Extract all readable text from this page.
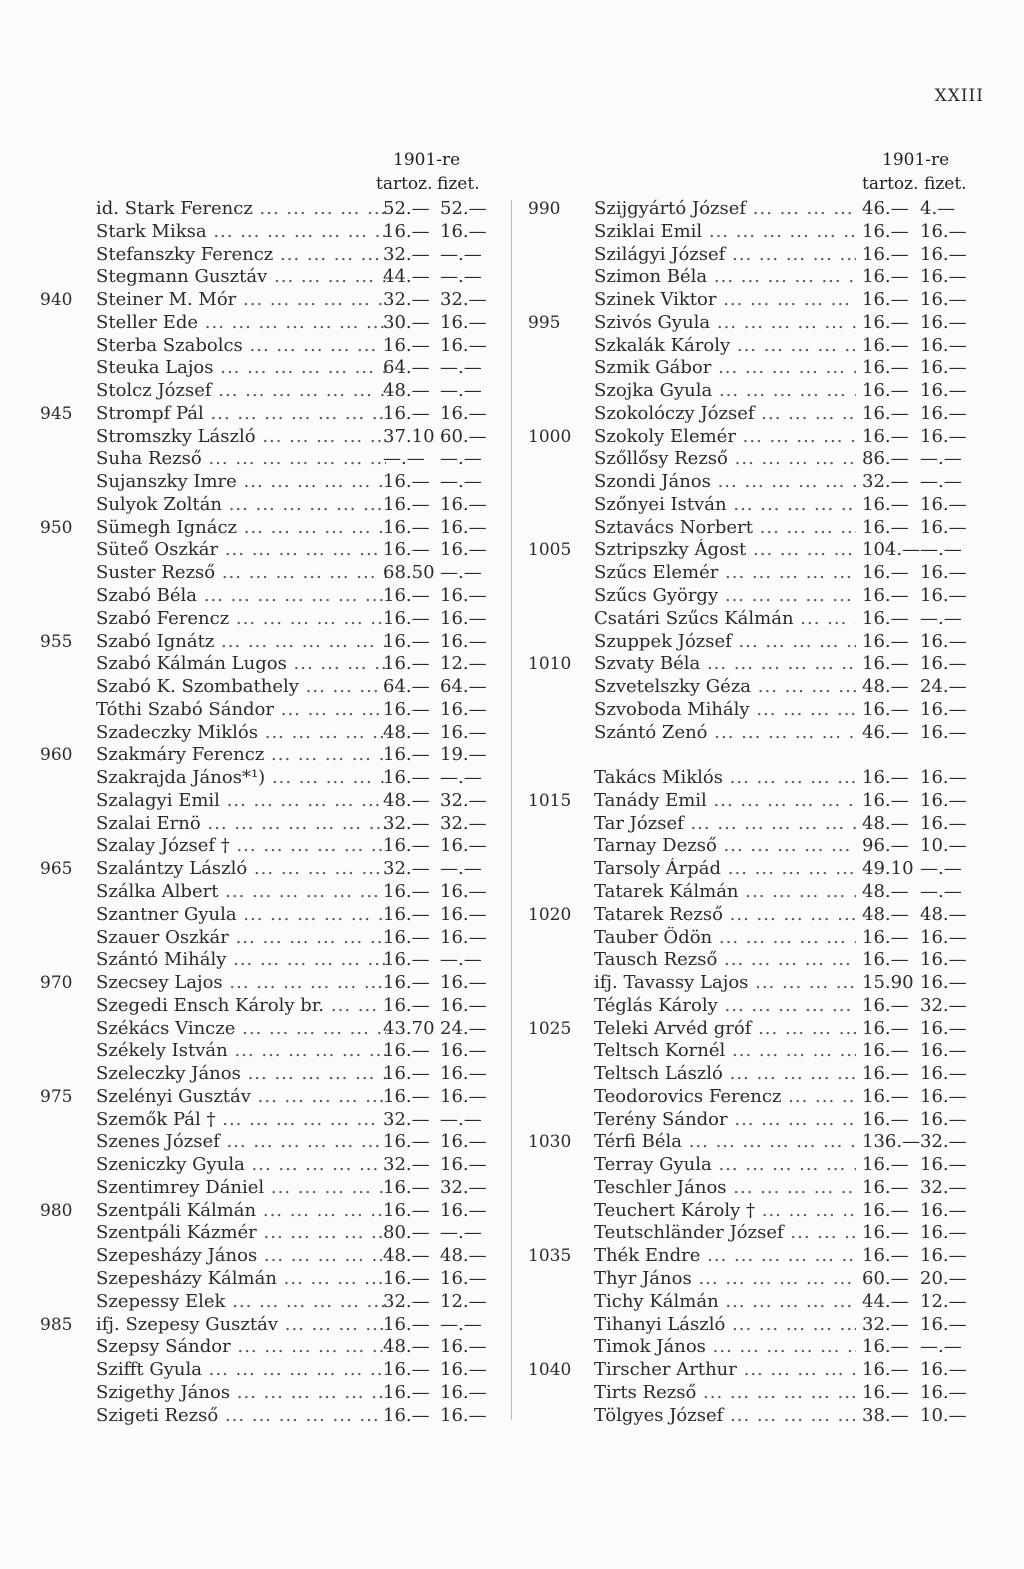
XXIII
1901-re
tartoz. fizet.
id. Stark Ferencz ... .	52.— 52.—
Stark Miksa ... .	16.— 16.—
Stefanszky Ferencz ... .	32.— —.—
Stegmann Gusztáv ... .	44.— —.—
940	Steiner M. Mór ... .	32.— 32.—
Steller Ede ... .	30.— 16.—
Sterba Szabolcs ... .	16.— 16.—
Steuka Lajos ... .	64.— —.—
Stolcz József ... .	48.— —.—
945	Strompf Pál ... .	16.— 16.—
Stromszky László ... .	37.10 60.—
Suha Rezső ... .	—.— —.—
Sujanszky Imre ... .	16.— —.—
Sulyok Zoltán ... .	16.— 16.—
950	Sümegh Ignácz ... .	16.— 16.—
Süteő Oszkár ... .	16.— 16.—
Suster Rezső ... .	68.50 —.—
Szabó Béla ... .	16.— 16.—
Szabó Ferencz ... .	16.— 16.—
955	Szabó Ignátz ... .	16.— 16.—
Szabó Kálmán Lugos ... .	16.— 12.—
Szabó K. Szombathely ... .	64.— 64.—
Tóthi Szabó Sándor ... .	16.— 16.—
Szadeczky Miklós ... .	48.— 16.—
960	Szakmáry Ferencz ... .	16.— 19.—
Szakrajda János*¹) ... .	16.— —.—
Szalagyi Emil ... .	48.— 32.—
Szalai Ernö ... .	32.— 32.—
Szalay József † ... .	16.— 16.—
965	Szalántzy László ... .	32.— —.—
Szálka Albert ... .	16.— 16.—
Szantner Gyula ... .	16.— 16.—
Szauer Oszkár ... .	16.— 16.—
Szántó Mihály ... .	16.— —.—
970	Szecsey Lajos ... .	16.— 16.—
Szegedi Ensch Károly br. ... .	16.— 16.—
Székács Vincze ... .	43.70 24.—
Székely István ... .	16.— 16.—
Szeleczky János ... .	16.— 16.—
975	Szelényi Gusztáv ... .	16.— 16.—
Szemők Pál † ... .	32.— —.—
Szenes József ... .	16.— 16.—
Szeniczky Gyula ... .	32.— 16.—
Szentimrey Dániel ... .	16.— 32.—
980	Szentpáli Kálmán ... .	16.— 16.—
Szentpáli Kázmér ... .	80.— —.—
Szepesházy János ... .	48.— 48.—
Szepesházy Kálmán ... .	16.— 16.—
Szepessy Elek ... .	32.— 12.—
985	ifj. Szepesy Gusztáv ... .	16.— —.—
Szepsy Sándor ... .	48.— 16.—
Szifft Gyula ... .	16.— 16.—
Szigethy János ... .	16.— 16.—
Szigeti Rezső ... .	16.— 16.—
1901-re
tartoz. fizet.
990	Szijgyártó József ... .	46.— 4.—
Sziklai Emil ... .	16.— 16.—
Szilágyi József ... .	16.— 16.—
Szimon Béla ... .	16.— 16.—
Szinek Viktor ... .	16.— 16.—
995	Szivós Gyula ... .	16.— 16.—
Szkalák Károly ... .	16.— 16.—
Szmik Gábor ... .	16.— 16.—
Szojka Gyula ... .	16.— 16.—
Szokolóczy József ... .	16.— 16.—
1000	Szokoly Elemér ... .	16.— 16.—
Szőllősy Rezső ... .	86.— —.—
Szondi János ... .	32.— —.—
Szőnyei István ... .	16.— 16.—
Sztavács Norbert ... .	16.— 16.—
1005	Sztripszky Ágost ... .	104.— —.—
Szűcs Elemér ... .	16.— 16.—
Szűcs György ... .	16.— 16.—
Csatári Szűcs Kálmán ... .	16.— —.—
Szuppek József ... .	16.— 16.—
1010	Szvaty Béla ... .	16.— 16.—
Szvetelszky Géza ... .	48.— 24.—
Szvoboda Mihály ... .	16.— 16.—
Szántó Zenó ... .	46.— 16.—
Takács Miklós ... .	16.— 16.—
1015	Tanády Emil ... .	16.— 16.—
Tar József ... .	48.— 16.—
Tarnay Dezső ... .	96.— 10.—
Tarsoly Árpád ... .	49.10 —.—
Tatarek Kálmán ... .	48.— —.—
1020	Tatarek Rezső ... .	48.— 48.—
Tauber Ödön ... .	16.— 16.—
Tausch Rezső ... .	16.— 16.—
ifj. Tavassy Lajos ... .	15.90 16.—
Téglás Károly ... .	16.— 32.—
1025	Teleki Arvéd gróf ... .	16.— 16.—
Teltsch Kornél ... .	16.— 16.—
Teltsch László ... .	16.— 16.—
Teodorovics Ferencz ... .	16.— 16.—
Terény Sándor ... .	16.— 16.—
1030	Térfi Béla ... .	136.— 32.—
Terray Gyula ... .	16.— 16.—
Teschler János ... .	16.— 32.—
Teuchert Károly † ... .	16.— 16.—
Teutschländer József ... .	16.— 16.—
1035	Thék Endre ... .	16.— 16.—
Thyr János ... .	60.— 20.—
Tichy Kálmán ... .	44.— 12.—
Tihanyi László ... .	32.— 16.—
Timok János ... .	16.— —.—
1040	Tirscher Arthur ... .	16.— 16.—
Tirts Rezső ... .	16.— 16.—
Tölgyes József ... .	38.— 10.—
